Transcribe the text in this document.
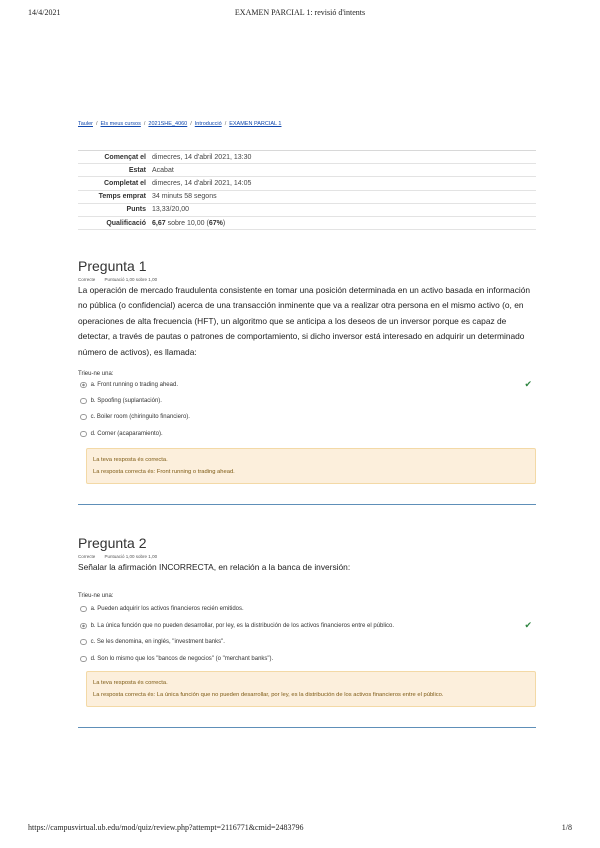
14/4/2021	EXAMEN PARCIAL 1: revisió d'intents
Tauler / Els meus cursos / 2021SHE_4060 / Introducció / EXAMEN PARCIAL 1
Començat el dimecres, 14 d'abril 2021, 13:30
Estat Acabat
Completat el dimecres, 14 d'abril 2021, 14:05
Temps emprat 34 minuts 58 segons
Punts 13,33/20,00
Qualificació 6,67 sobre 10,00 (67%)
Pregunta 1
Correcte Puntuació 1,00 sobre 1,00
La operación de mercado fraudulenta consistente en tomar una posición determinada en un activo basada en información no pública (o confidencial) acerca de una transacción inminente que va a realizar otra persona en el mismo activo (o, en operaciones de alta frecuencia (HFT), un algoritmo que se anticipa a los deseos de un inversor porque es capaz de detectar, a través de pautas o patrones de comportamiento, si dicho inversor está interesado en adquirir un determinado número de activos), es llamada:
Trieu-ne una:
a. Front running o trading ahead.	✔
b. Spoofing (suplantación).
c. Boiler room (chiringuito financiero).
d. Corner (acaparamiento).
La teva resposta és correcta.
La resposta correcta és: Front running o trading ahead.
Pregunta 2
Correcte Puntuació 1,00 sobre 1,00
Señalar la afirmación INCORRECTA, en relación a la banca de inversión:
Trieu-ne una:
a. Pueden adquirir los activos financieros recién emitidos.
b. La única función que no pueden desarrollar, por ley, es la distribución de los activos financieros entre el público.	✔
c. Se les denomina, en inglés, "investment banks".
d. Son lo mismo que los "bancos de negocios" (o "merchant banks").
La teva resposta és correcta.
La resposta correcta és: La única función que no pueden desarrollar, por ley, es la distribución de los activos financieros entre el público.
https://campusvirtual.ub.edu/mod/quiz/review.php?attempt=2116771&cmid=2483796	1/8
